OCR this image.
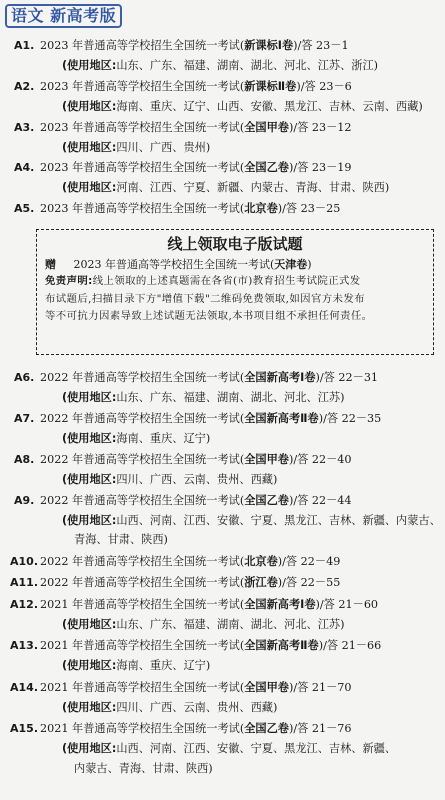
语文 新高考版
A1. 2023 年普通高等学校招生全国统一考试(新课标Ⅰ卷)/答 23－1
(使用地区:山东、广东、福建、湖南、湖北、河北、江苏、浙江)
A2. 2023 年普通高等学校招生全国统一考试(新课标Ⅱ卷)/答 23－6
(使用地区:海南、重庆、辽宁、山西、安徽、黑龙江、吉林、云南、西藏)
A3. 2023 年普通高等学校招生全国统一考试(全国甲卷)/答 23－12
(使用地区:四川、广西、贵州)
A4. 2023 年普通高等学校招生全国统一考试(全国乙卷)/答 23－19
(使用地区:河南、江西、宁夏、新疆、内蒙古、青海、甘肃、陕西)
A5. 2023 年普通高等学校招生全国统一考试(北京卷)/答 23－25
A6. 2022 年普通高等学校招生全国统一考试(全国新高考Ⅰ卷)/答 22－31
(使用地区:山东、广东、福建、湖南、湖北、河北、江苏)
A7. 2022 年普通高等学校招生全国统一考试(全国新高考Ⅱ卷)/答 22－35
(使用地区:海南、重庆、辽宁)
A8. 2022 年普通高等学校招生全国统一考试(全国甲卷)/答 22－40
(使用地区:四川、广西、云南、贵州、西藏)
A9. 2022 年普通高等学校招生全国统一考试(全国乙卷)/答 22－44
(使用地区:山西、河南、江西、安徽、宁夏、黑龙江、吉林、新疆、内蒙古、
青海、甘肃、陕西)
A10. 2022 年普通高等学校招生全国统一考试(北京卷)/答 22－49
A11. 2022 年普通高等学校招生全国统一考试(浙江卷)/答 22－55
A12. 2021 年普通高等学校招生全国统一考试(全国新高考Ⅰ卷)/答 21－60
(使用地区:山东、广东、福建、湖南、湖北、河北、江苏)
A13. 2021 年普通高等学校招生全国统一考试(全国新高考Ⅱ卷)/答 21－66
(使用地区:海南、重庆、辽宁)
A14. 2021 年普通高等学校招生全国统一考试(全国甲卷)/答 21－70
(使用地区:四川、广西、云南、贵州、西藏)
A15. 2021 年普通高等学校招生全国统一考试(全国乙卷)/答 21－76
(使用地区:山西、河南、江西、安徽、宁夏、黑龙江、吉林、新疆、
内蒙古、青海、甘肃、陕西)
线上领取电子版试题
赠 2023 年普通高等学校招生全国统一考试(天津卷)
免责声明:线上领取的上述真题需在各省(市)教育招生考试院正式发
布试题后,扫描目录下方"增值下载"二维码免费领取,如因官方未发布
等不可抗力因素导致上述试题无法领取,本书项目组不承担任何责任。
